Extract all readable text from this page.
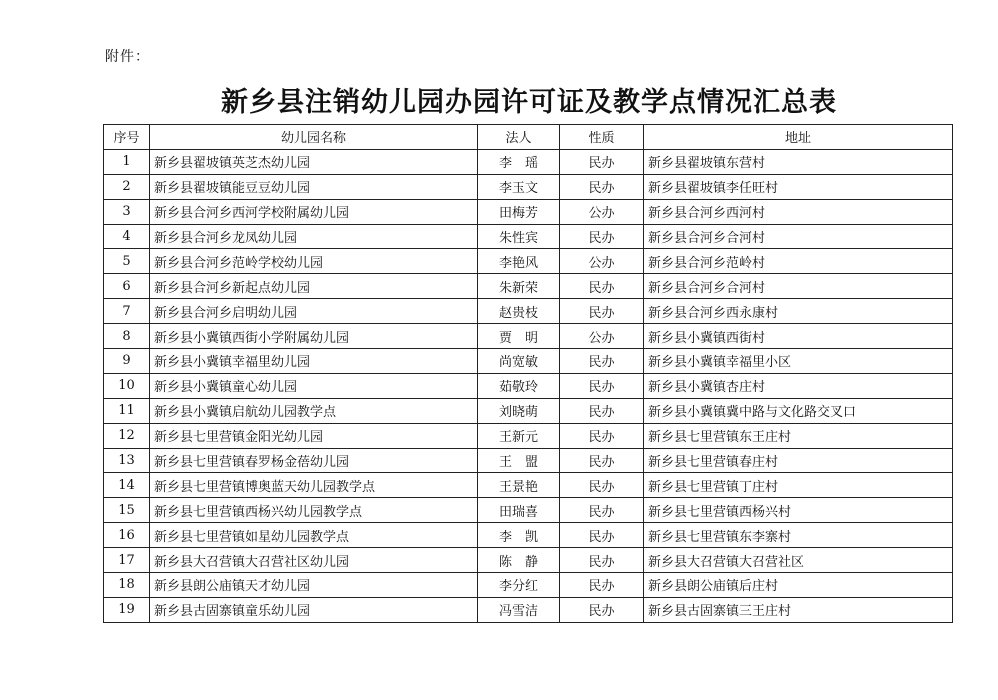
附件：
新乡县注销幼儿园办园许可证及教学点情况汇总表
序号	幼儿园名称	法人	性质	地址
1	新乡县翟坡镇英芝杰幼儿园	李　瑶	民办	新乡县翟坡镇东营村
2	新乡县翟坡镇能豆豆幼儿园	李玉文	民办	新乡县翟坡镇李任旺村
3	新乡县合河乡西河学校附属幼儿园	田梅芳	公办	新乡县合河乡西河村
4	新乡县合河乡龙凤幼儿园	朱性宾	民办	新乡县合河乡合河村
5	新乡县合河乡范岭学校幼儿园	李艳风	公办	新乡县合河乡范岭村
6	新乡县合河乡新起点幼儿园	朱新荣	民办	新乡县合河乡合河村
7	新乡县合河乡启明幼儿园	赵贵枝	民办	新乡县合河乡西永康村
8	新乡县小冀镇西街小学附属幼儿园	贾　明	公办	新乡县小冀镇西街村
9	新乡县小冀镇幸福里幼儿园	尚宽敏	民办	新乡县小冀镇幸福里小区
10	新乡县小冀镇童心幼儿园	茹敬玲	民办	新乡县小冀镇杏庄村
11	新乡县小冀镇启航幼儿园教学点	刘晓萌	民办	新乡县小冀镇冀中路与文化路交叉口
12	新乡县七里营镇金阳光幼儿园	王新元	民办	新乡县七里营镇东王庄村
13	新乡县七里营镇春罗杨金蓓幼儿园	王　盟	民办	新乡县七里营镇春庄村
14	新乡县七里营镇博奥蓝天幼儿园教学点	王景艳	民办	新乡县七里营镇丁庄村
15	新乡县七里营镇西杨兴幼儿园教学点	田瑞喜	民办	新乡县七里营镇西杨兴村
16	新乡县七里营镇如星幼儿园教学点	李　凯	民办	新乡县七里营镇东李寨村
17	新乡县大召营镇大召营社区幼儿园	陈　静	民办	新乡县大召营镇大召营社区
18	新乡县朗公庙镇天才幼儿园	李分红	民办	新乡县朗公庙镇后庄村
19	新乡县古固寨镇童乐幼儿园	冯雪洁	民办	新乡县古固寨镇三王庄村
